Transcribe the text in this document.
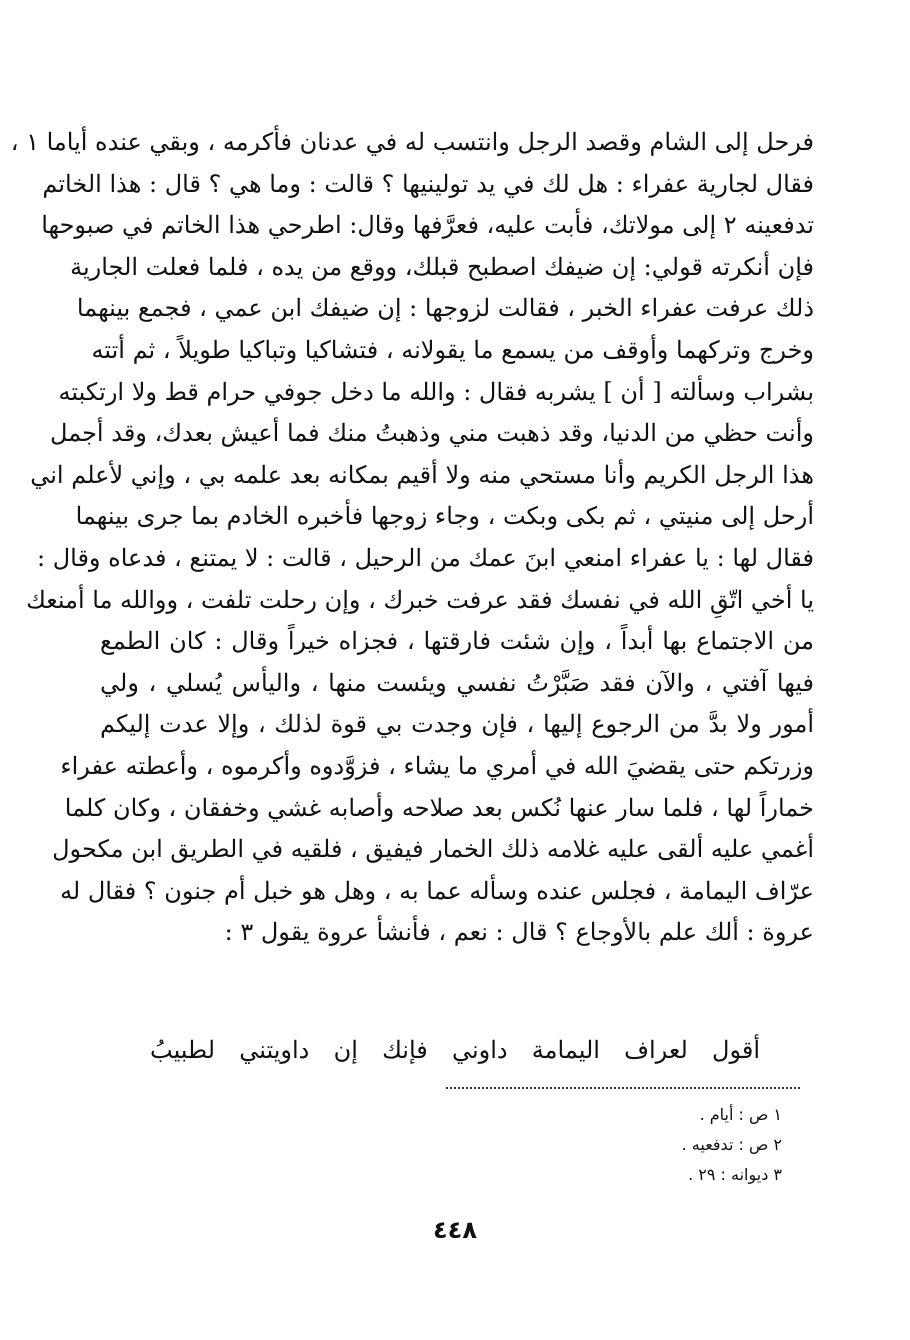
فرحل إلى الشام وقصد الرجل وانتسب له في عدنان فأكرمه ، وبقي عنده أياما ١ ،
فقال لجارية عفراء : هل لك في يد تولينيها ؟ قالت : وما هي ؟ قال : هذا الخاتم
تدفعينه ٢ إلى مولاتك، فأبت عليه، فعرَّفها وقال: اطرحي هذا الخاتم في صبوحها
فإن أنكرته قولي: إن ضيفك اصطبح قبلك، ووقع من يده ، فلما فعلت الجارية
ذلك عرفت عفراء الخبر ، فقالت لزوجها : إن ضيفك ابن عمي ، فجمع بينهما
وخرج وتركهما وأوقف من يسمع ما يقولانه ، فتشاكيا وتباكيا طويلاً ، ثم أتته
بشراب وسألته [ أن ] يشربه فقال : والله ما دخل جوفي حرام قط ولا ارتكبته
وأنت حظي من الدنيا، وقد ذهبت مني وذهبتُ منك فما أعيش بعدك، وقد أجمل
هذا الرجل الكريم وأنا مستحي منه ولا أقيم بمكانه بعد علمه بي ، وإني لأعلم اني
أرحل إلى منيتي ، ثم بكى وبكت ، وجاء زوجها فأخبره الخادم بما جرى بينهما
فقال لها : يا عفراء امنعي ابنَ عمك من الرحيل ، قالت : لا يمتنع ، فدعاه وقال :
يا أخي اتّقِ الله في نفسك فقد عرفت خبرك ، وإن رحلت تلفت ، ووالله ما أمنعك
من الاجتماع بها أبداً ، وإن شئت فارقتها ، فجزاه خيراً وقال : كان الطمع
فيها آفتي ، والآن فقد صَبَّرْتُ نفسي ويئست منها ، واليأس يُسلي ، ولي
أمور ولا بدَّ من الرجوع إليها ، فإن وجدت بي قوة لذلك ، وإلا عدت إليكم
وزرتكم حتى يقضيَ الله في أمري ما يشاء ، فزوَّدوه وأكرموه ، وأعطته عفراء
خماراً لها ، فلما سار عنها نُكس بعد صلاحه وأصابه غشي وخفقان ، وكان كلما
أغمي عليه ألقى عليه غلامه ذلك الخمار فيفيق ، فلقيه في الطريق ابن مكحول
عرّاف اليمامة ، فجلس عنده وسأله عما به ، وهل هو خبل أم جنون ؟ فقال له
عروة : ألك علم بالأوجاع ؟ قال : نعم ، فأنشأ عروة يقول ٣ :
أقول لعراف اليمامة داوني فإنك إن داويتني لطبيبُ
١ ص : أيام .
٢ ص : تدفعيه .
٣ ديوانه : ٢٩ .
٤٤٨
